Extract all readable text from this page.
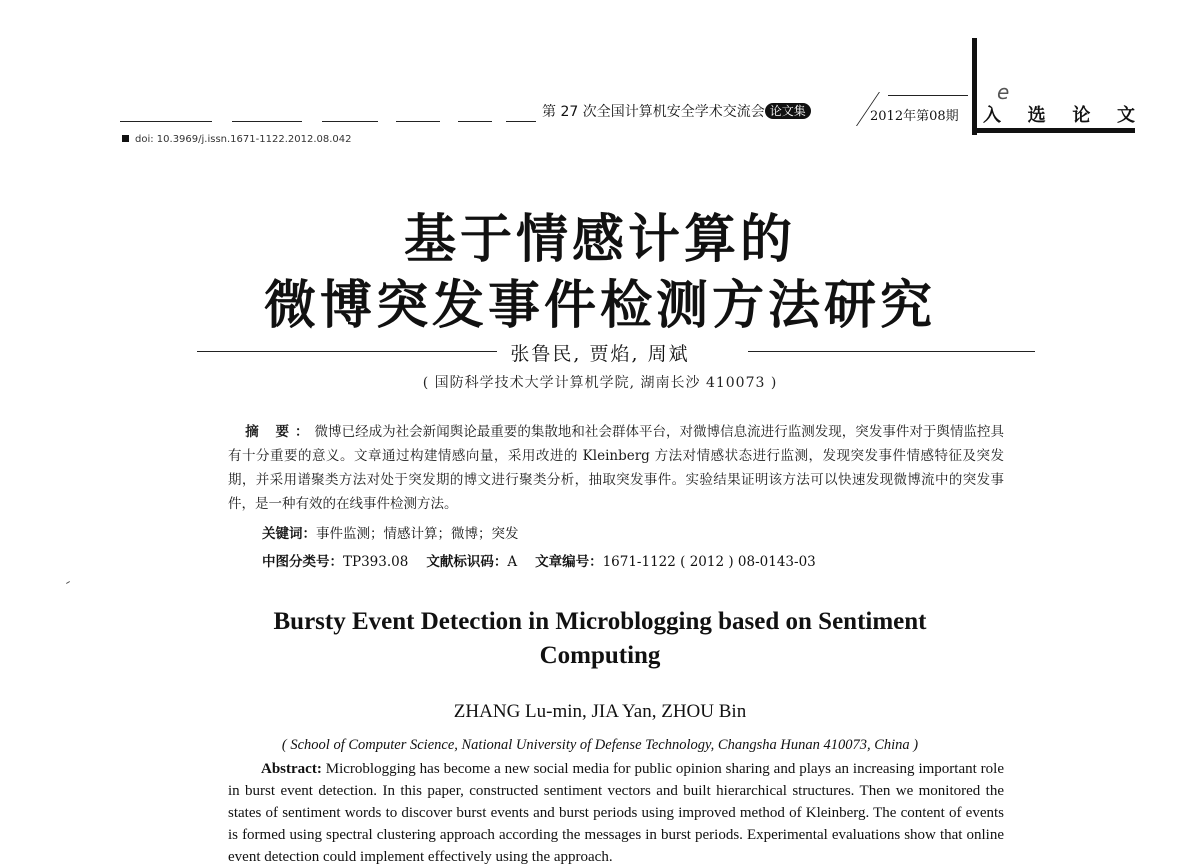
第 27 次全国计算机安全学术交流会 论文集	2012年第08期
e
入 选 论 文
doi: 10.3969/j.issn.1671-1122.2012.08.042
基于情感计算的
微博突发事件检测方法研究
张鲁民, 贾焰, 周斌
( 国防科学技术大学计算机学院, 湖南长沙 410073 )
摘 要：微博已经成为社会新闻舆论最重要的集散地和社会群体平台，对微博信息流进行监测发现，突发事件对于舆情监控具有十分重要的意义。文章通过构建情感向量，采用改进的 Kleinberg 方法对情感状态进行监测，发现突发事件情感特征及突发期，并采用谱聚类方法对处于突发期的博文进行聚类分析，抽取突发事件。实验结果证明该方法可以快速发现微博流中的突发事件，是一种有效的在线事件检测方法。
关键词：事件监测；情感计算；微博；突发
中图分类号：TP393.08 文献标识码：A 文章编号：1671-1122 ( 2012 ) 08-0143-03
Bursty Event Detection in Microblogging based on Sentiment
Computing
ZHANG Lu-min, JIA Yan, ZHOU Bin
( School of Computer Science, National University of Defense Technology, Changsha Hunan 410073, China )

Abstract: Microblogging has become a new social media for public opinion sharing and plays an increasing important role in burst event detection. In this paper, constructed sentiment vectors and built hierarchical structures. Then we monitored the states of sentiment words to discover burst events and burst periods using improved method of Kleinberg. The content of events is formed using spectral clustering approach according the messages in burst periods. Experimental evaluations show that online event detection could implement effectively using the approach.
